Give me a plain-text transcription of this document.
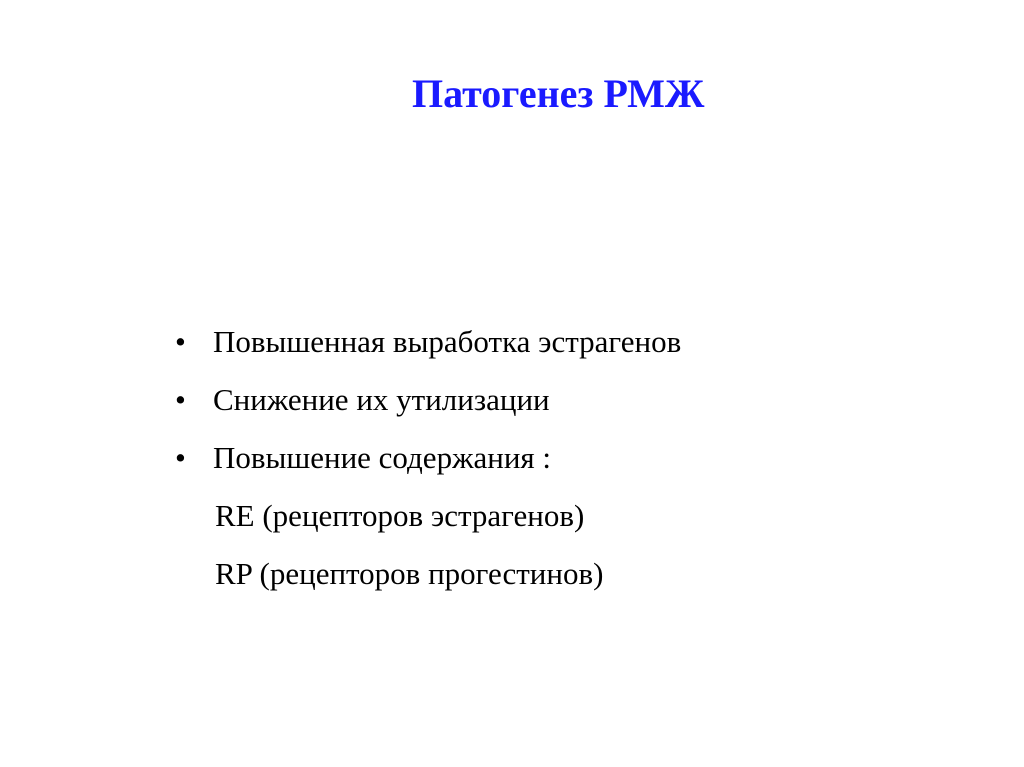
Патогенез РМЖ
• Повышенная выработка эстрагенов
• Снижение их утилизации
• Повышение содержания :
RE (рецепторов эстрагенов)
RP (рецепторов прогестинов)
